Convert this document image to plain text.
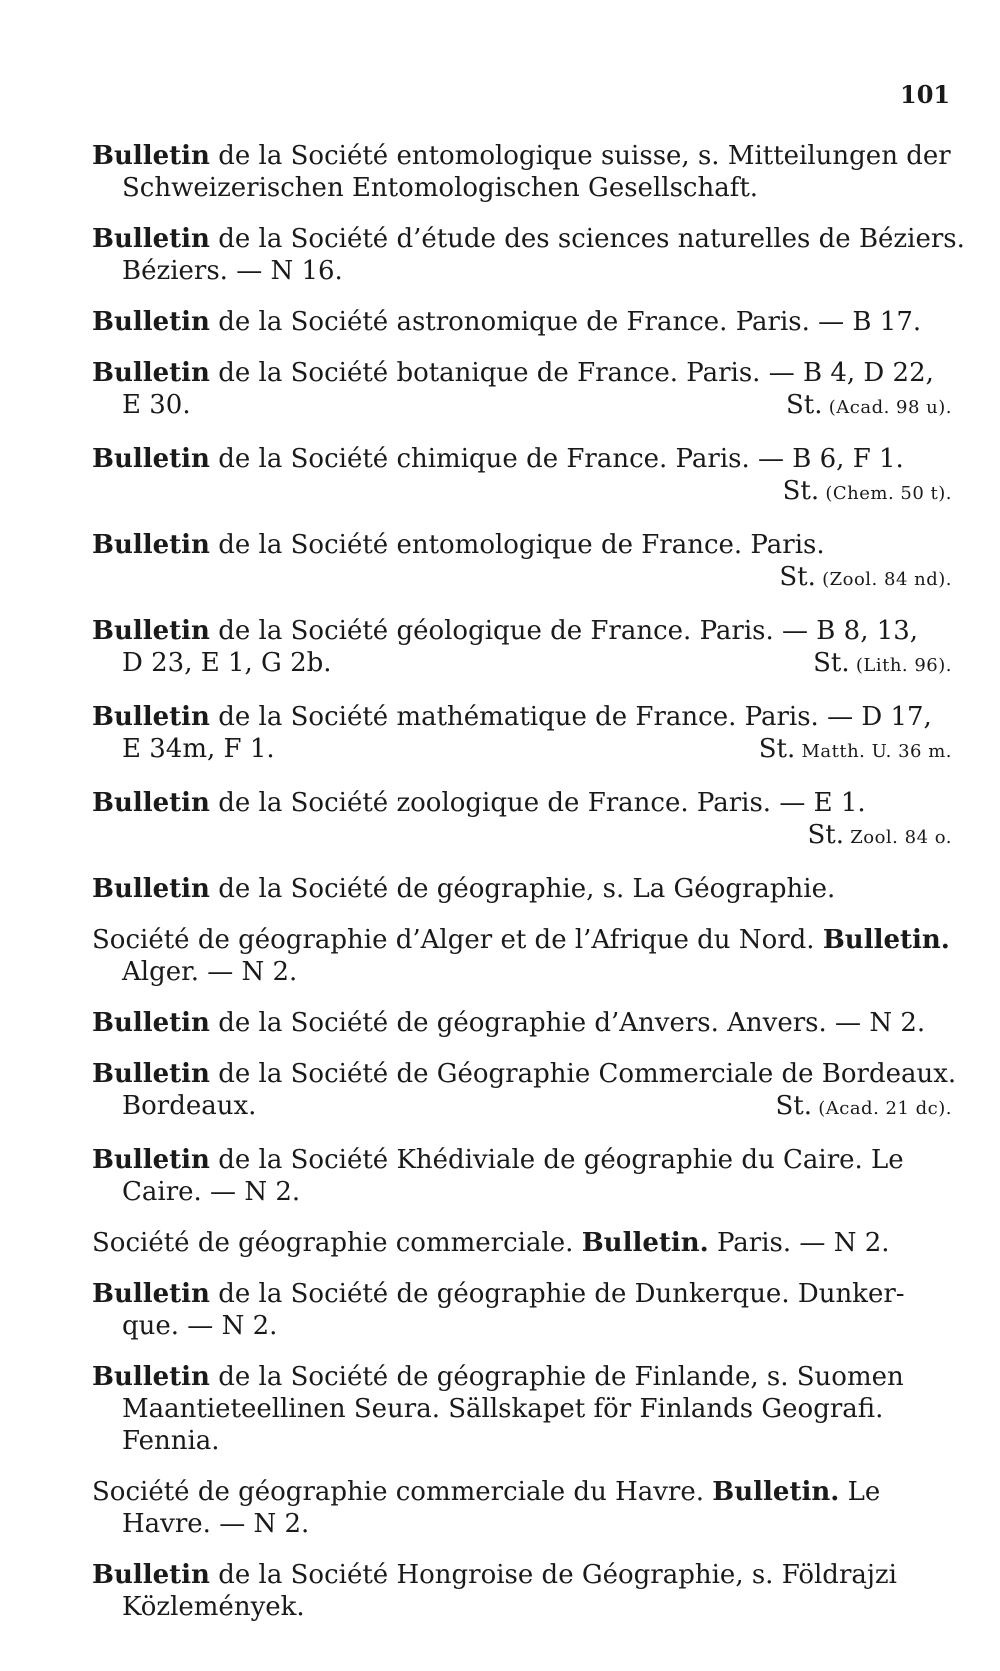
101
Bulletin de la Société entomologique suisse, s. Mitteilungen der
Schweizerischen Entomologischen Gesellschaft.
Bulletin de la Société d’étude des sciences naturelles de Béziers.
Béziers. — N 16.
Bulletin de la Société astronomique de France. Paris. — B 17.
Bulletin de la Société botanique de France. Paris. — B 4, D 22,
E 30.	St. (Acad. 98 u).
Bulletin de la Société chimique de France. Paris. — B 6, F 1.
St. (Chem. 50 t).
Bulletin de la Société entomologique de France. Paris.
St. (Zool. 84 nd).
Bulletin de la Société géologique de France. Paris. — B 8, 13,
D 23, E 1, G 2b.	St. (Lith. 96).
Bulletin de la Société mathématique de France. Paris. — D 17,
E 34m, F 1.	St. Matth. U. 36 m.
Bulletin de la Société zoologique de France. Paris. — E 1.
St. Zool. 84 o.
Bulletin de la Société de géographie, s. La Géographie.
Société de géographie d’Alger et de l’Afrique du Nord. Bulletin.
Alger. — N 2.
Bulletin de la Société de géographie d’Anvers. Anvers. — N 2.
Bulletin de la Société de Géographie Commerciale de Bordeaux.
Bordeaux.	St. (Acad. 21 dc).
Bulletin de la Société Khédiviale de géographie du Caire. Le
Caire. — N 2.
Société de géographie commerciale. Bulletin. Paris. — N 2.
Bulletin de la Société de géographie de Dunkerque. Dunker-
que. — N 2.
Bulletin de la Société de géographie de Finlande, s. Suomen
Maantieteellinen Seura. Sällskapet för Finlands Geografi.
Fennia.
Société de géographie commerciale du Havre. Bulletin. Le
Havre. — N 2.
Bulletin de la Société Hongroise de Géographie, s. Földrajzi
Közlemények.
